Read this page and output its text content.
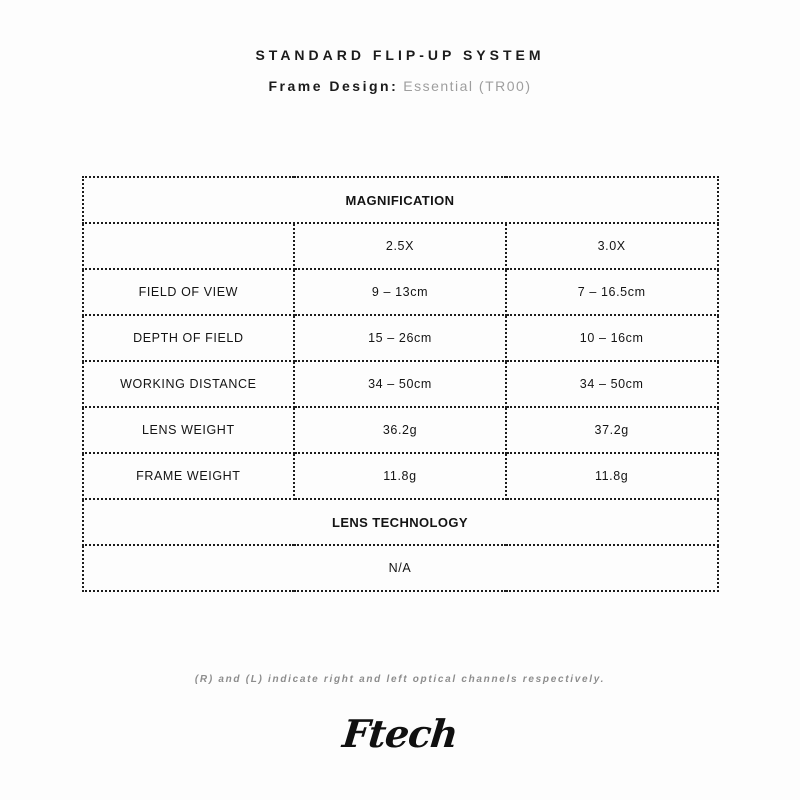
STANDARD FLIP-UP SYSTEM
Frame Design: Essential (TR00)
MAGNIFICATION		
	2.5X	3.0X
FIELD OF VIEW	9 – 13cm	7 – 16.5cm
DEPTH OF FIELD	15 – 26cm	10 – 16cm
WORKING DISTANCE	34 – 50cm	34 – 50cm
LENS WEIGHT	36.2g	37.2g
FRAME WEIGHT	11.8g	11.8g
LENS TECHNOLOGY		
N/A		
(R) and (L) indicate right and left optical channels respectively.
Ftech
